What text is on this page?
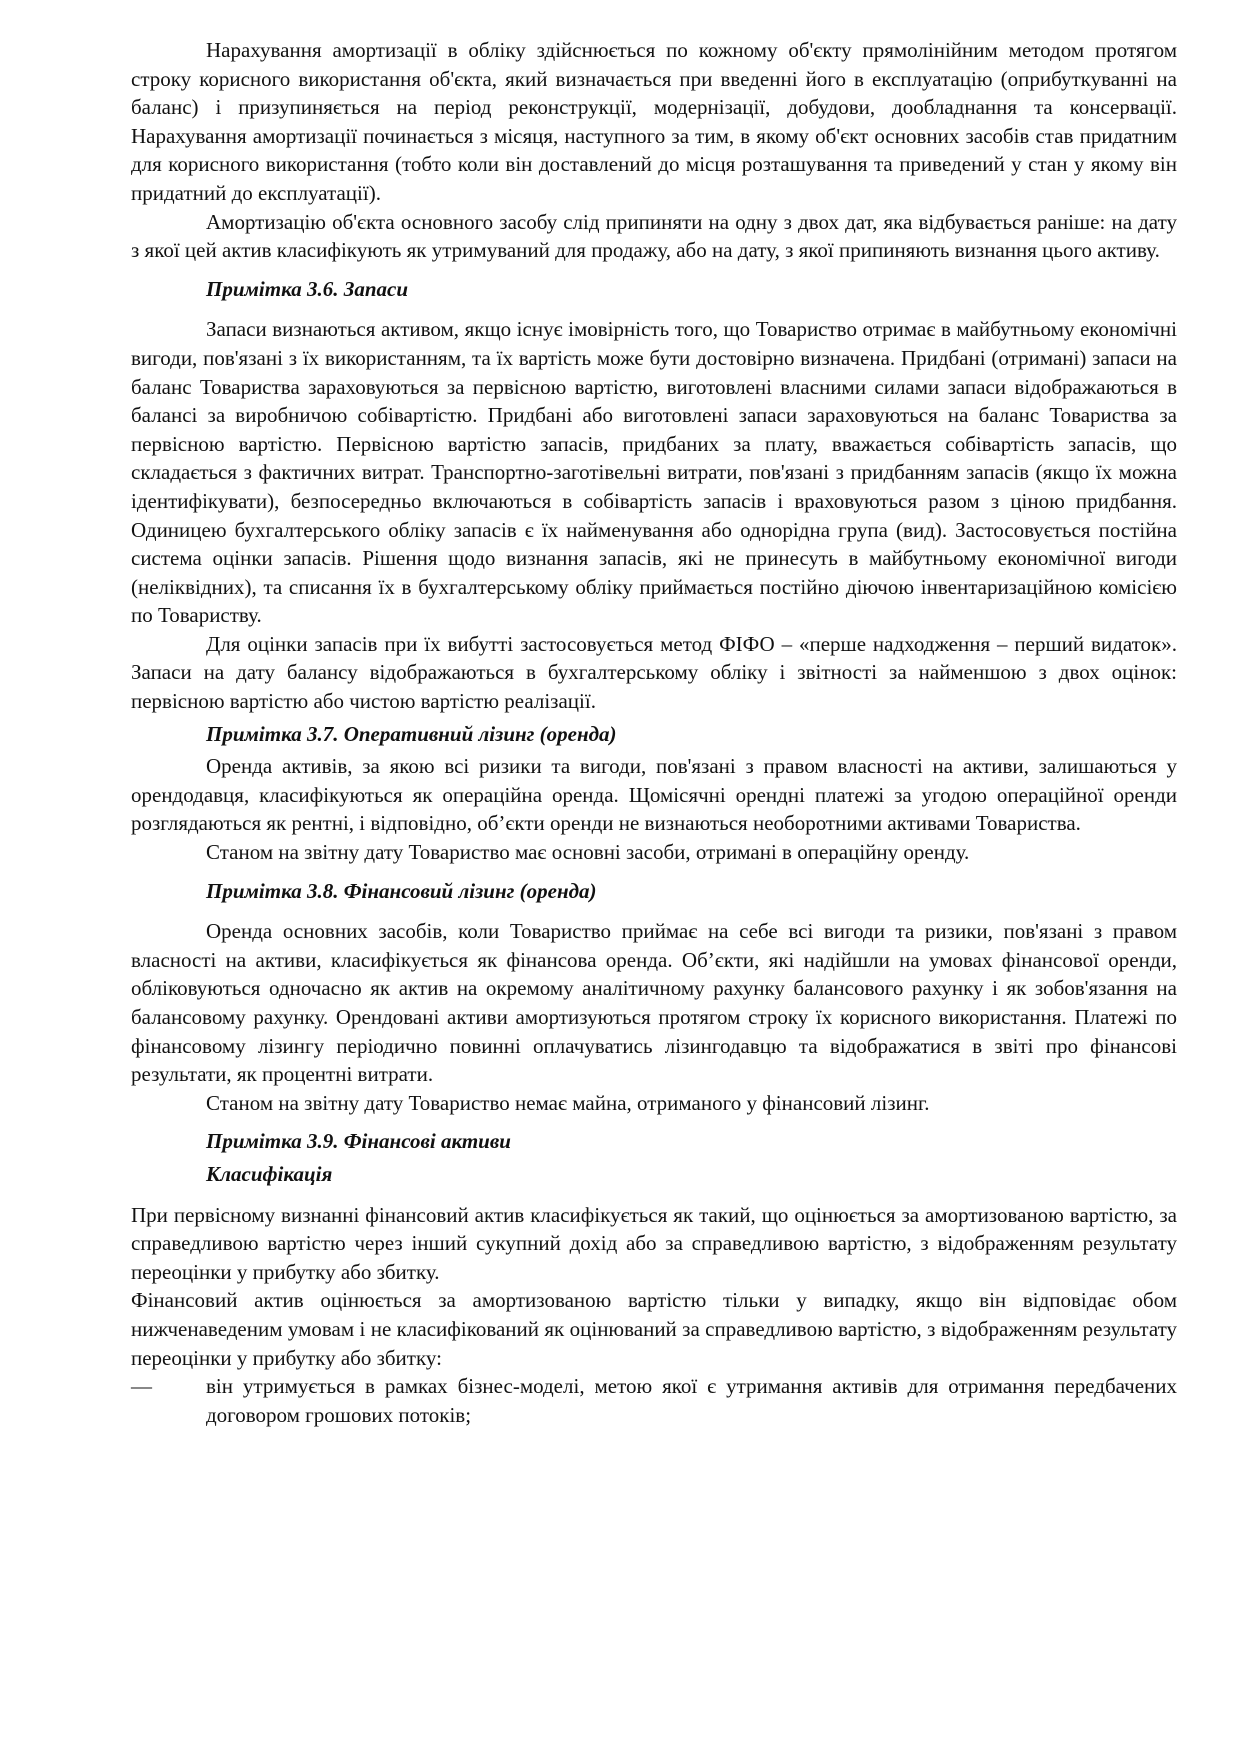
Нарахування амортизації в обліку здійснюється по кожному об'єкту прямолінійним методом протягом строку корисного використання об'єкта, який визначається при введенні його в експлуатацію (оприбуткуванні на баланс) і призупиняється на період реконструкції, модернізації, добудови, дообладнання та консервації. Нарахування амортизації починається з місяця, наступного за тим, в якому об'єкт основних засобів став придатним для корисного використання (тобто коли він доставлений до місця розташування та приведений у стан у якому він придатний до експлуатації).

Амортизацію об'єкта основного засобу слід припиняти на одну з двох дат, яка відбувається раніше: на дату з якої цей актив класифікують як утримуваний для продажу, або на дату, з якої припиняють визнання цього активу.

Примітка 3.6. Запаси

Запаси визнаються активом, якщо існує імовірність того, що Товариство отримає в майбутньому економічні вигоди, пов'язані з їх використанням, та їх вартість може бути достовірно визначена. Придбані (отримані) запаси на баланс Товариства зараховуються за первісною вартістю, виготовлені власними силами запаси відображаються в балансі за виробничою собівартістю. Придбані або виготовлені запаси зараховуються на баланс Товариства за первісною вартістю. Первісною вартістю запасів, придбаних за плату, вважається собівартість запасів, що складається з фактичних витрат. Транспортно-заготівельні витрати, пов'язані з придбанням запасів (якщо їх можна ідентифікувати), безпосередньо включаються в собівартість запасів і враховуються разом з ціною придбання. Одиницею бухгалтерського обліку запасів є їх найменування або однорідна група (вид). Застосовується постійна система оцінки запасів. Рішення щодо визнання запасів, які не принесуть в майбутньому економічної вигоди (неліквідних), та списання їх в бухгалтерському обліку приймається постійно діючою інвентаризаційною комісією по Товариству.

Для оцінки запасів при їх вибутті застосовується метод ФІФО – «перше надходження – перший видаток». Запаси на дату балансу відображаються в бухгалтерському обліку і звітності за найменшою з двох оцінок: первісною вартістю або чистою вартістю реалізації.

Примітка 3.7. Оперативний лізинг (оренда)

Оренда активів, за якою всі ризики та вигоди, пов'язані з правом власності на активи, залишаються у орендодавця, класифікуються як операційна оренда. Щомісячні орендні платежі за угодою операційної оренди розглядаються як рентні, і відповідно, об’єкти оренди не визнаються необоротними активами Товариства.

Станом на звітну дату Товариство має основні засоби, отримані в операційну оренду.

Примітка 3.8. Фінансовий лізинг (оренда)

Оренда основних засобів, коли Товариство приймає на себе всі вигоди та ризики, пов'язані з правом власності на активи, класифікується як фінансова оренда. Об’єкти, які надійшли на умовах фінансової оренди, обліковуються одночасно як актив на окремому аналітичному рахунку балансового рахунку і як зобов'язання на балансовому рахунку. Орендовані активи амортизуються протягом строку їх корисного використання. Платежі по фінансовому лізингу періодично повинні оплачуватись лізингодавцю та відображатися в звіті про фінансові результати, як процентні витрати.

Станом на звітну дату Товариство немає майна, отриманого у фінансовий лізинг.

Примітка 3.9. Фінансові активи

Класифікація

При первісному визнанні фінансовий актив класифікується як такий, що оцінюється за амортизованою вартістю, за справедливою вартістю через інший сукупний дохід або за справедливою вартістю, з відображенням результату переоцінки у прибутку або збитку.

Фінансовий актив оцінюється за амортизованою вартістю тільки у випадку, якщо він відповідає обом нижченаведеним умовам і не класифікований як оцінюваний за справедливою вартістю, з відображенням результату переоцінки у прибутку або збитку:

—	він утримується в рамках бізнес-моделі, метою якої є утримання активів для отримання передбачених договором грошових потоків;
